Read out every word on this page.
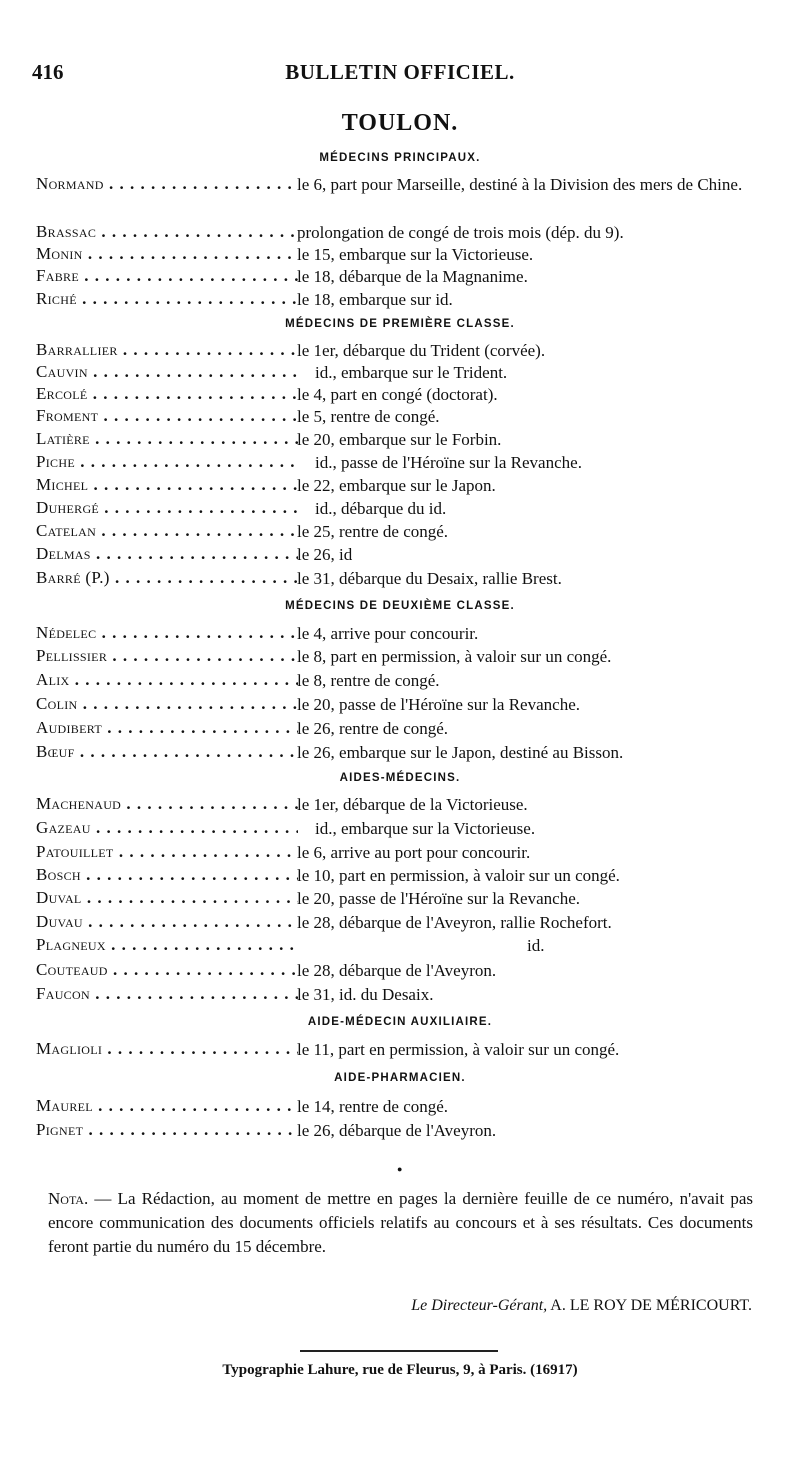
416	BULLETIN OFFICIEL.
TOULON.
MÉDECINS PRINCIPAUX.
Normand . . .	le 6, part pour Marseille, destiné à la Division des mers de Chine.
Brassac . . .	prolongation de congé de trois mois (dép. du 9).
Monin . . .	le 15, embarque sur la Victorieuse.
Fabre . . .	le 18, débarque de la Magnanime.
Riché . . .	le 18, embarque sur id.
MÉDECINS DE PREMIÈRE CLASSE.
Barrallier . . .	le 1er, débarque du Trident (corvée).
Cauvin . . .	id., embarque sur le Trident.
Ercolé . . .	le 4, part en congé (doctorat).
Froment . . .	le 5, rentre de congé.
Latière . . .	le 20, embarque sur le Forbin.
Piche . . .	id., passe de l'Héroïne sur la Revanche.
Michel . . .	le 22, embarque sur le Japon.
Duhergé . . .	id., débarque du id.
Catelan . . .	le 25, rentre de congé.
Delmas . . .	le 26, id
Barré (P.) . . .	le 31, débarque du Desaix, rallie Brest.
MÉDECINS DE DEUXIÈME CLASSE.
Nédelec . . .	le 4, arrive pour concourir.
Pellissier . . .	le 8, part en permission, à valoir sur un congé.
Alix . . .	le 8, rentre de congé.
Colin . . .	le 20, passe de l'Héroïne sur la Revanche.
Audibert . . .	le 26, rentre de congé.
Bœuf . . .	le 26, embarque sur le Japon, destiné au Bisson.
AIDES-MÉDECINS.
Machenaud . . .	le 1er, débarque de la Victorieuse.
Gazeau . . .	id., embarque sur la Victorieuse.
Patouillet . . .	le 6, arrive au port pour concourir.
Bosch . . .	le 10, part en permission, à valoir sur un congé.
Duval . . .	le 20, passe de l'Héroïne sur la Revanche.
Duvau . . .	le 28, débarque de l'Aveyron, rallie Rochefort.
Plagneux . . .	id.
Couteaud . . .	le 28, débarque de l'Aveyron.
Faucon . . .	le 31, id. du Desaix.
AIDE-MÉDECIN AUXILIAIRE.
Maglioli . . .	le 11, part en permission, à valoir sur un congé.
AIDE-PHARMACIEN.
Maurel . . .	le 14, rentre de congé.
Pignet . . .	le 26, débarque de l'Aveyron.
●
Nota. — La Rédaction, au moment de mettre en pages la dernière feuille de ce numéro, n'avait pas encore communication des documents officiels relatifs au concours et à ses résultats. Ces documents feront partie du numéro du 15 décembre.
Le Directeur-Gérant, A. LE ROY DE MÉRICOURT.
Typographie Lahure, rue de Fleurus, 9, à Paris. (16917)
